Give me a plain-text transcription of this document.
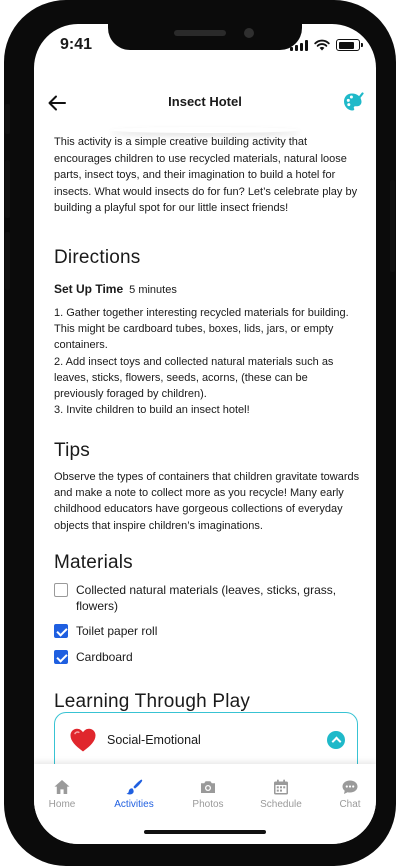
9:41
Insect Hotel

This activity is a simple creative building activity that encourages children to use recycled materials, natural loose parts, insect toys, and their imagination to build a hotel for insects. What would insects do for fun? Let’s celebrate play by building a playful spot for our little insect friends!

Directions
Set Up Time 5 minutes
1. Gather together interesting recycled materials for building. This might be cardboard tubes, boxes, lids, jars, or empty containers.
2. Add insect toys and collected natural materials such as leaves, sticks, flowers, seeds, acorns, (these can be previously foraged by children).
3. Invite children to build an insect hotel!
Tips

Observe the types of containers that children gravitate towards and make a note to collect more as you recycle! Many early childhood educators have gorgeous collections of everyday objects that inspire children’s imaginations.

Materials
Collected natural materials (leaves, sticks, grass, flowers)
Toilet paper roll
Cardboard
Learning Through Play
Social-Emotional
Home	Activities	Photos	Schedule	Chat
